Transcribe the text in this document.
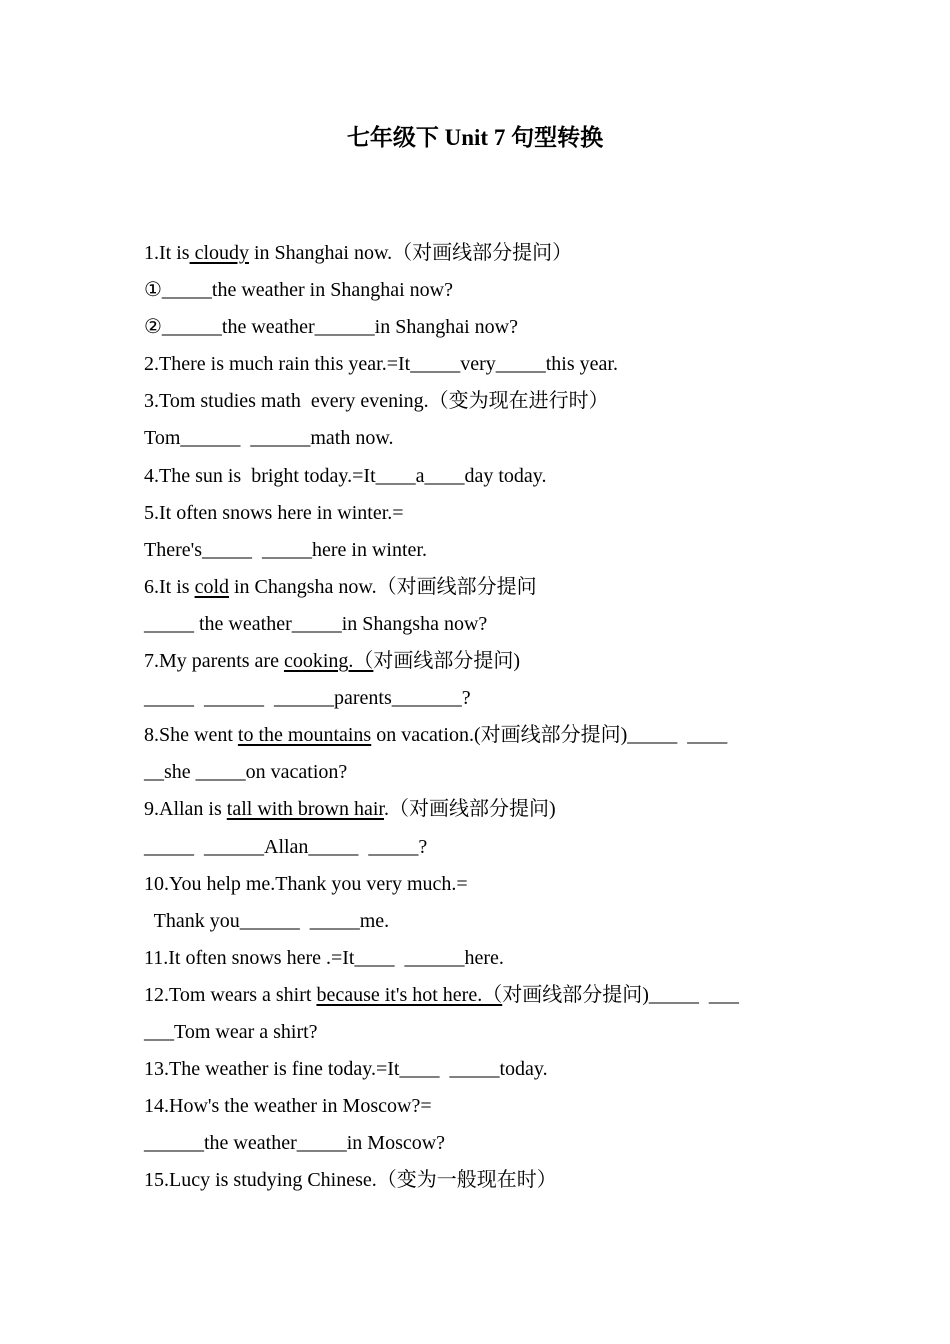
七年级下 Unit 7 句型转换
1.It is cloudy in Shanghai now.（对画线部分提问）
①_____the weather in Shanghai now?
②______the weather______in Shanghai now?
2.There is much rain this year.=It_____very_____this year.
3.Tom studies math  every evening.（变为现在进行时）
Tom______  ______math now.
4.The sun is  bright today.=It____a____day today.
5.It often snows here in winter.=
There's_____  _____here in winter.
6.It is cold in Changsha now.（对画线部分提问
_____ the weather_____in Shangsha now?
7.My parents are cooking.（对画线部分提问)
_____  ______  ______parents_______?
8.She went to the mountains on vacation.(对画线部分提问)_____  ____
__she _____on vacation?
9.Allan is tall with brown hair.（对画线部分提问)
_____  ______Allan_____  _____?
10.You help me.Thank you very much.=
Thank you______  _____me.
11.It often snows here .=It____  ______here.
12.Tom wears a shirt because it's hot here.（对画线部分提问)_____  ___
___Tom wear a shirt?
13.The weather is fine today.=It____  _____today.
14.How's the weather in Moscow?=
______the weather_____in Moscow?
15.Lucy is studying Chinese.（变为一般现在时）
